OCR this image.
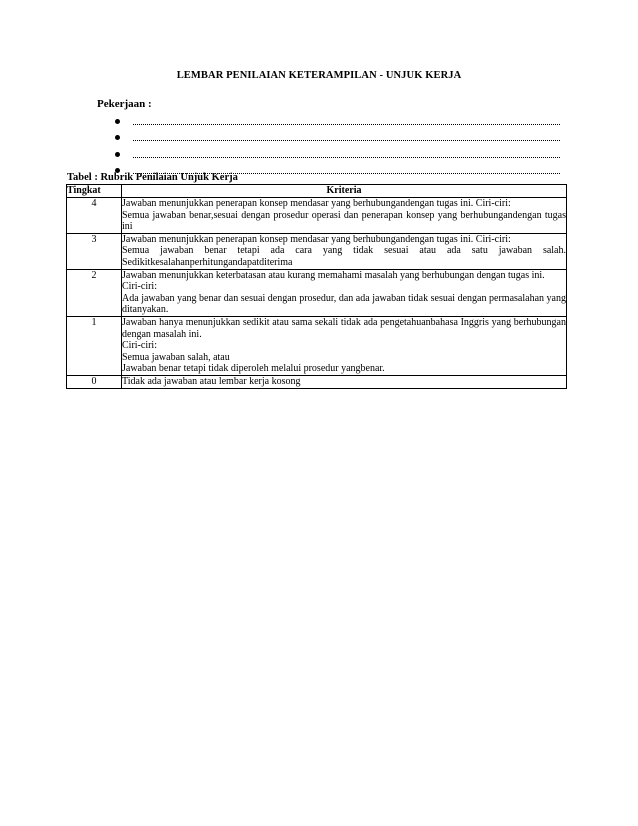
LEMBAR PENILAIAN KETERAMPILAN - UNJUK KERJA
Pekerjaan :
Tabel : Rubrik Penilaian Unjuk Kerja
Tingkat	Kriteria
4	Jawaban menunjukkan penerapan konsep mendasar yang berhubungandengan tugas ini. Ciri-ciri:
Semua jawaban benar,sesuai dengan prosedur operasi dan penerapan konsep yang berhubungandengan tugas ini

3	Jawaban menunjukkan penerapan konsep mendasar yang berhubungandengan tugas ini. Ciri-ciri:
Semua jawaban benar tetapi ada cara yang tidak sesuai atau ada satu jawaban salah. Sedikitkesalahanperhitungandapatditerima

2	Jawaban menunjukkan keterbatasan atau kurang memahami masalah yang berhubungan dengan tugas ini.
Ciri-ciri:
Ada jawaban yang benar dan sesuai dengan prosedur, dan ada jawaban tidak sesuai dengan permasalahan yang ditanyakan.

1	Jawaban hanya menunjukkan sedikit atau sama sekali tidak ada pengetahuanbahasa Inggris yang berhubungan dengan masalah ini.
Ciri-ciri:
Semua jawaban salah, atau
Jawaban benar tetapi tidak diperoleh melalui prosedur yangbenar.

0	Tidak ada jawaban atau lembar kerja kosong
